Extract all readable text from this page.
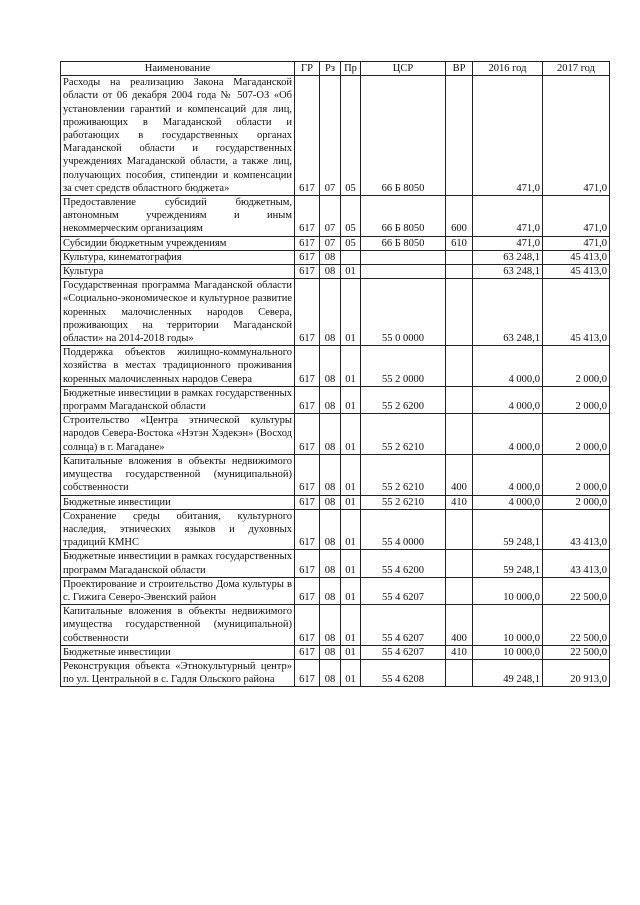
Наименование	ГР	Рз	Пр	ЦСР	ВР	2016 год	2017 год
Расходы на реализацию Закона Магаданской области от 06 декабря 2004 года № 507-ОЗ «Об установлении гарантий и компенсаций для лиц, проживающих в Магаданской области и работающих в государственных органах Магаданской области и государственных учреждениях Магаданской области, а также лиц, получающих пособия, стипендии и компенсации за счет средств областного бюджета»	617	07	05	66 Б 8050		471,0	471,0
Предоставление субсидий бюджетным, автономным учреждениям и иным некоммерческим организациям	617	07	05	66 Б 8050	600	471,0	471,0
Субсидии бюджетным учреждениям	617	07	05	66 Б 8050	610	471,0	471,0
Культура, кинематография	617	08				63 248,1	45 413,0
Культура	617	08	01			63 248,1	45 413,0
Государственная программа Магаданской области «Социально-экономическое и культурное развитие коренных малочисленных народов Севера, проживающих на территории Магаданской области» на 2014-2018 годы»	617	08	01	55 0 0000		63 248,1	45 413,0
Поддержка объектов жилищно-коммунального хозяйства в местах традиционного проживания коренных малочисленных народов Севера	617	08	01	55 2 0000		4 000,0	2 000,0
Бюджетные инвестиции в рамках государственных программ Магаданской области	617	08	01	55 2 6200		4 000,0	2 000,0
Строительство «Центра этнической культуры народов Севера-Востока «Нэтэн Хэдекэн» (Восход солнца) в г. Магадане»	617	08	01	55 2 6210		4 000,0	2 000,0
Капитальные вложения в объекты недвижимого имущества государственной (муниципальной) собственности	617	08	01	55 2 6210	400	4 000,0	2 000,0
Бюджетные инвестиции	617	08	01	55 2 6210	410	4 000,0	2 000,0
Сохранение среды обитания, культурного наследия, этнических языков и духовных традиций КМНС	617	08	01	55 4 0000		59 248,1	43 413,0
Бюджетные инвестиции в рамках государственных программ Магаданской области	617	08	01	55 4 6200		59 248,1	43 413,0
Проектирование и строительство Дома культуры в с. Гижига Северо-Эвенский район	617	08	01	55 4 6207		10 000,0	22 500,0
Капитальные вложения в объекты недвижимого имущества государственной (муниципальной) собственности	617	08	01	55 4 6207	400	10 000,0	22 500,0
Бюджетные инвестиции	617	08	01	55 4 6207	410	10 000,0	22 500,0
Реконструкция объекта «Этнокультурный центр» по ул. Центральной в с. Гадля Ольского района	617	08	01	55 4 6208		49 248,1	20 913,0
